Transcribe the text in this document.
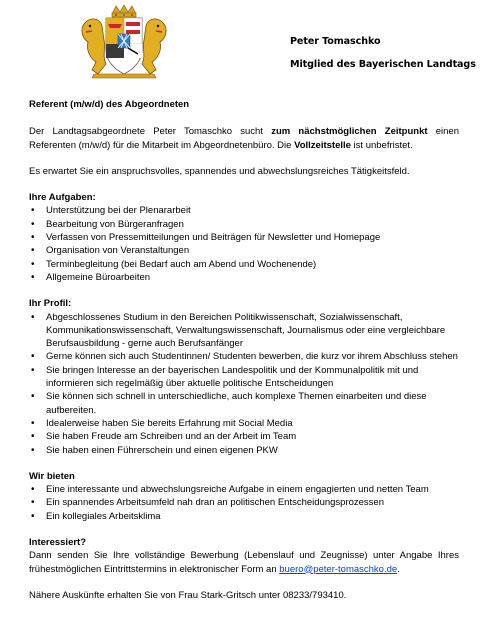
Peter Tomaschko
Mitglied des Bayerischen Landtags

Referent (m/w/d) des Abgeordneten

Der Landtagsabgeordnete Peter Tomaschko sucht zum nächstmöglichen Zeitpunkt einen Referenten (m/w/d) für die Mitarbeit im Abgeordnetenbüro. Die Vollzeitstelle ist unbefristet.

Es erwartet Sie ein anspruchsvolles, spannendes und abwechslungsreiches Tätigkeitsfeld.

Ihre Aufgaben:

• Unterstützung bei der Plenararbeit
• Bearbeitung von Bürgeranfragen
• Verfassen von Pressemitteilungen und Beiträgen für Newsletter und Homepage
• Organisation von Veranstaltungen
• Terminbegleitung (bei Bedarf auch am Abend und Wochenende)
• Allgemeine Büroarbeiten

Ihr Profil:

• Abgeschlossenes Studium in den Bereichen Politikwissenschaft, Sozialwissenschaft, Kommunikationswissenschaft, Verwaltungswissenschaft, Journalismus oder eine vergleichbare Berufsausbildung - gerne auch Berufsanfänger
• Gerne können sich auch Studentinnen/ Studenten bewerben, die kurz vor ihrem Abschluss stehen
• Sie bringen Interesse an der bayerischen Landespolitik und der Kommunalpolitik mit und informieren sich regelmäßig über aktuelle politische Entscheidungen
• Sie können sich schnell in unterschiedliche, auch komplexe Themen einarbeiten und diese aufbereiten.
• Idealerweise haben Sie bereits Erfahrung mit Social Media
• Sie haben Freude am Schreiben und an der Arbeit im Team
• Sie haben einen Führerschein und einen eigenen PKW

Wir bieten

• Eine interessante und abwechslungsreiche Aufgabe in einem engagierten und netten Team
• Ein spannendes Arbeitsumfeld nah dran an politischen Entscheidungsprozessen
• Ein kollegiales Arbeitsklima

Interessiert?

Dann senden Sie Ihre vollständige Bewerbung (Lebenslauf und Zeugnisse) unter Angabe Ihres frühestmöglichen Eintrittstermins in elektronischer Form an buero@peter-tomaschko.de.

Nähere Auskünfte erhalten Sie von Frau Stark-Gritsch unter 08233/793410.
